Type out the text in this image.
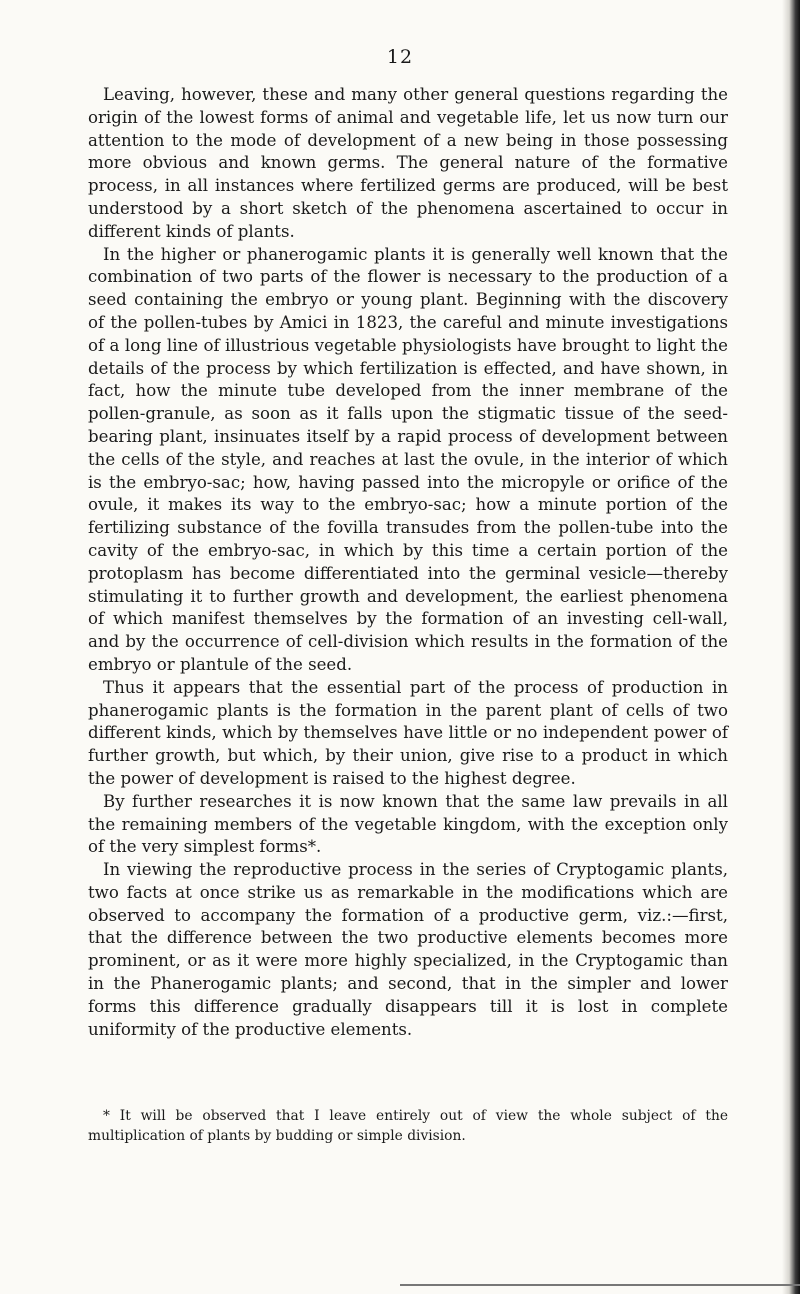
12

Leaving, however, these and many other general questions regarding the origin of the lowest forms of animal and vegetable life, let us now turn our attention to the mode of development of a new being in those possessing more obvious and known germs. The general nature of the formative process, in all instances where fertilized germs are produced, will be best understood by a short sketch of the phenomena ascertained to occur in different kinds of plants.

In the higher or phanerogamic plants it is generally well known that the combination of two parts of the flower is necessary to the production of a seed containing the embryo or young plant. Beginning with the discovery of the pollen-tubes by Amici in 1823, the careful and minute investigations of a long line of illustrious vegetable physiologists have brought to light the details of the process by which fertilization is effected, and have shown, in fact, how the minute tube developed from the inner membrane of the pollen-granule, as soon as it falls upon the stigmatic tissue of the seed-bearing plant, insinuates itself by a rapid process of development between the cells of the style, and reaches at last the ovule, in the interior of which is the embryo-sac; how, having passed into the micropyle or orifice of the ovule, it makes its way to the embryo-sac; how a minute portion of the fertilizing substance of the fovilla transudes from the pollen-tube into the cavity of the embryo-sac, in which by this time a certain portion of the protoplasm has become differentiated into the germinal vesicle—thereby stimulating it to further growth and development, the earliest phenomena of which manifest themselves by the formation of an investing cell-wall, and by the occurrence of cell-division which results in the formation of the embryo or plantule of the seed.

Thus it appears that the essential part of the process of production in phanerogamic plants is the formation in the parent plant of cells of two different kinds, which by themselves have little or no independent power of further growth, but which, by their union, give rise to a product in which the power of development is raised to the highest degree.

By further researches it is now known that the same law prevails in all the remaining members of the vegetable kingdom, with the exception only of the very simplest forms*.

In viewing the reproductive process in the series of Cryptogamic plants, two facts at once strike us as remarkable in the modifications which are observed to accompany the formation of a productive germ, viz.:—first, that the difference between the two productive elements becomes more prominent, or as it were more highly specialized, in the Cryptogamic than in the Phanerogamic plants; and second, that in the simpler and lower forms this difference gradually disappears till it is lost in complete uniformity of the productive elements.

* It will be observed that I leave entirely out of view the whole subject of the multiplication of plants by budding or simple division.
